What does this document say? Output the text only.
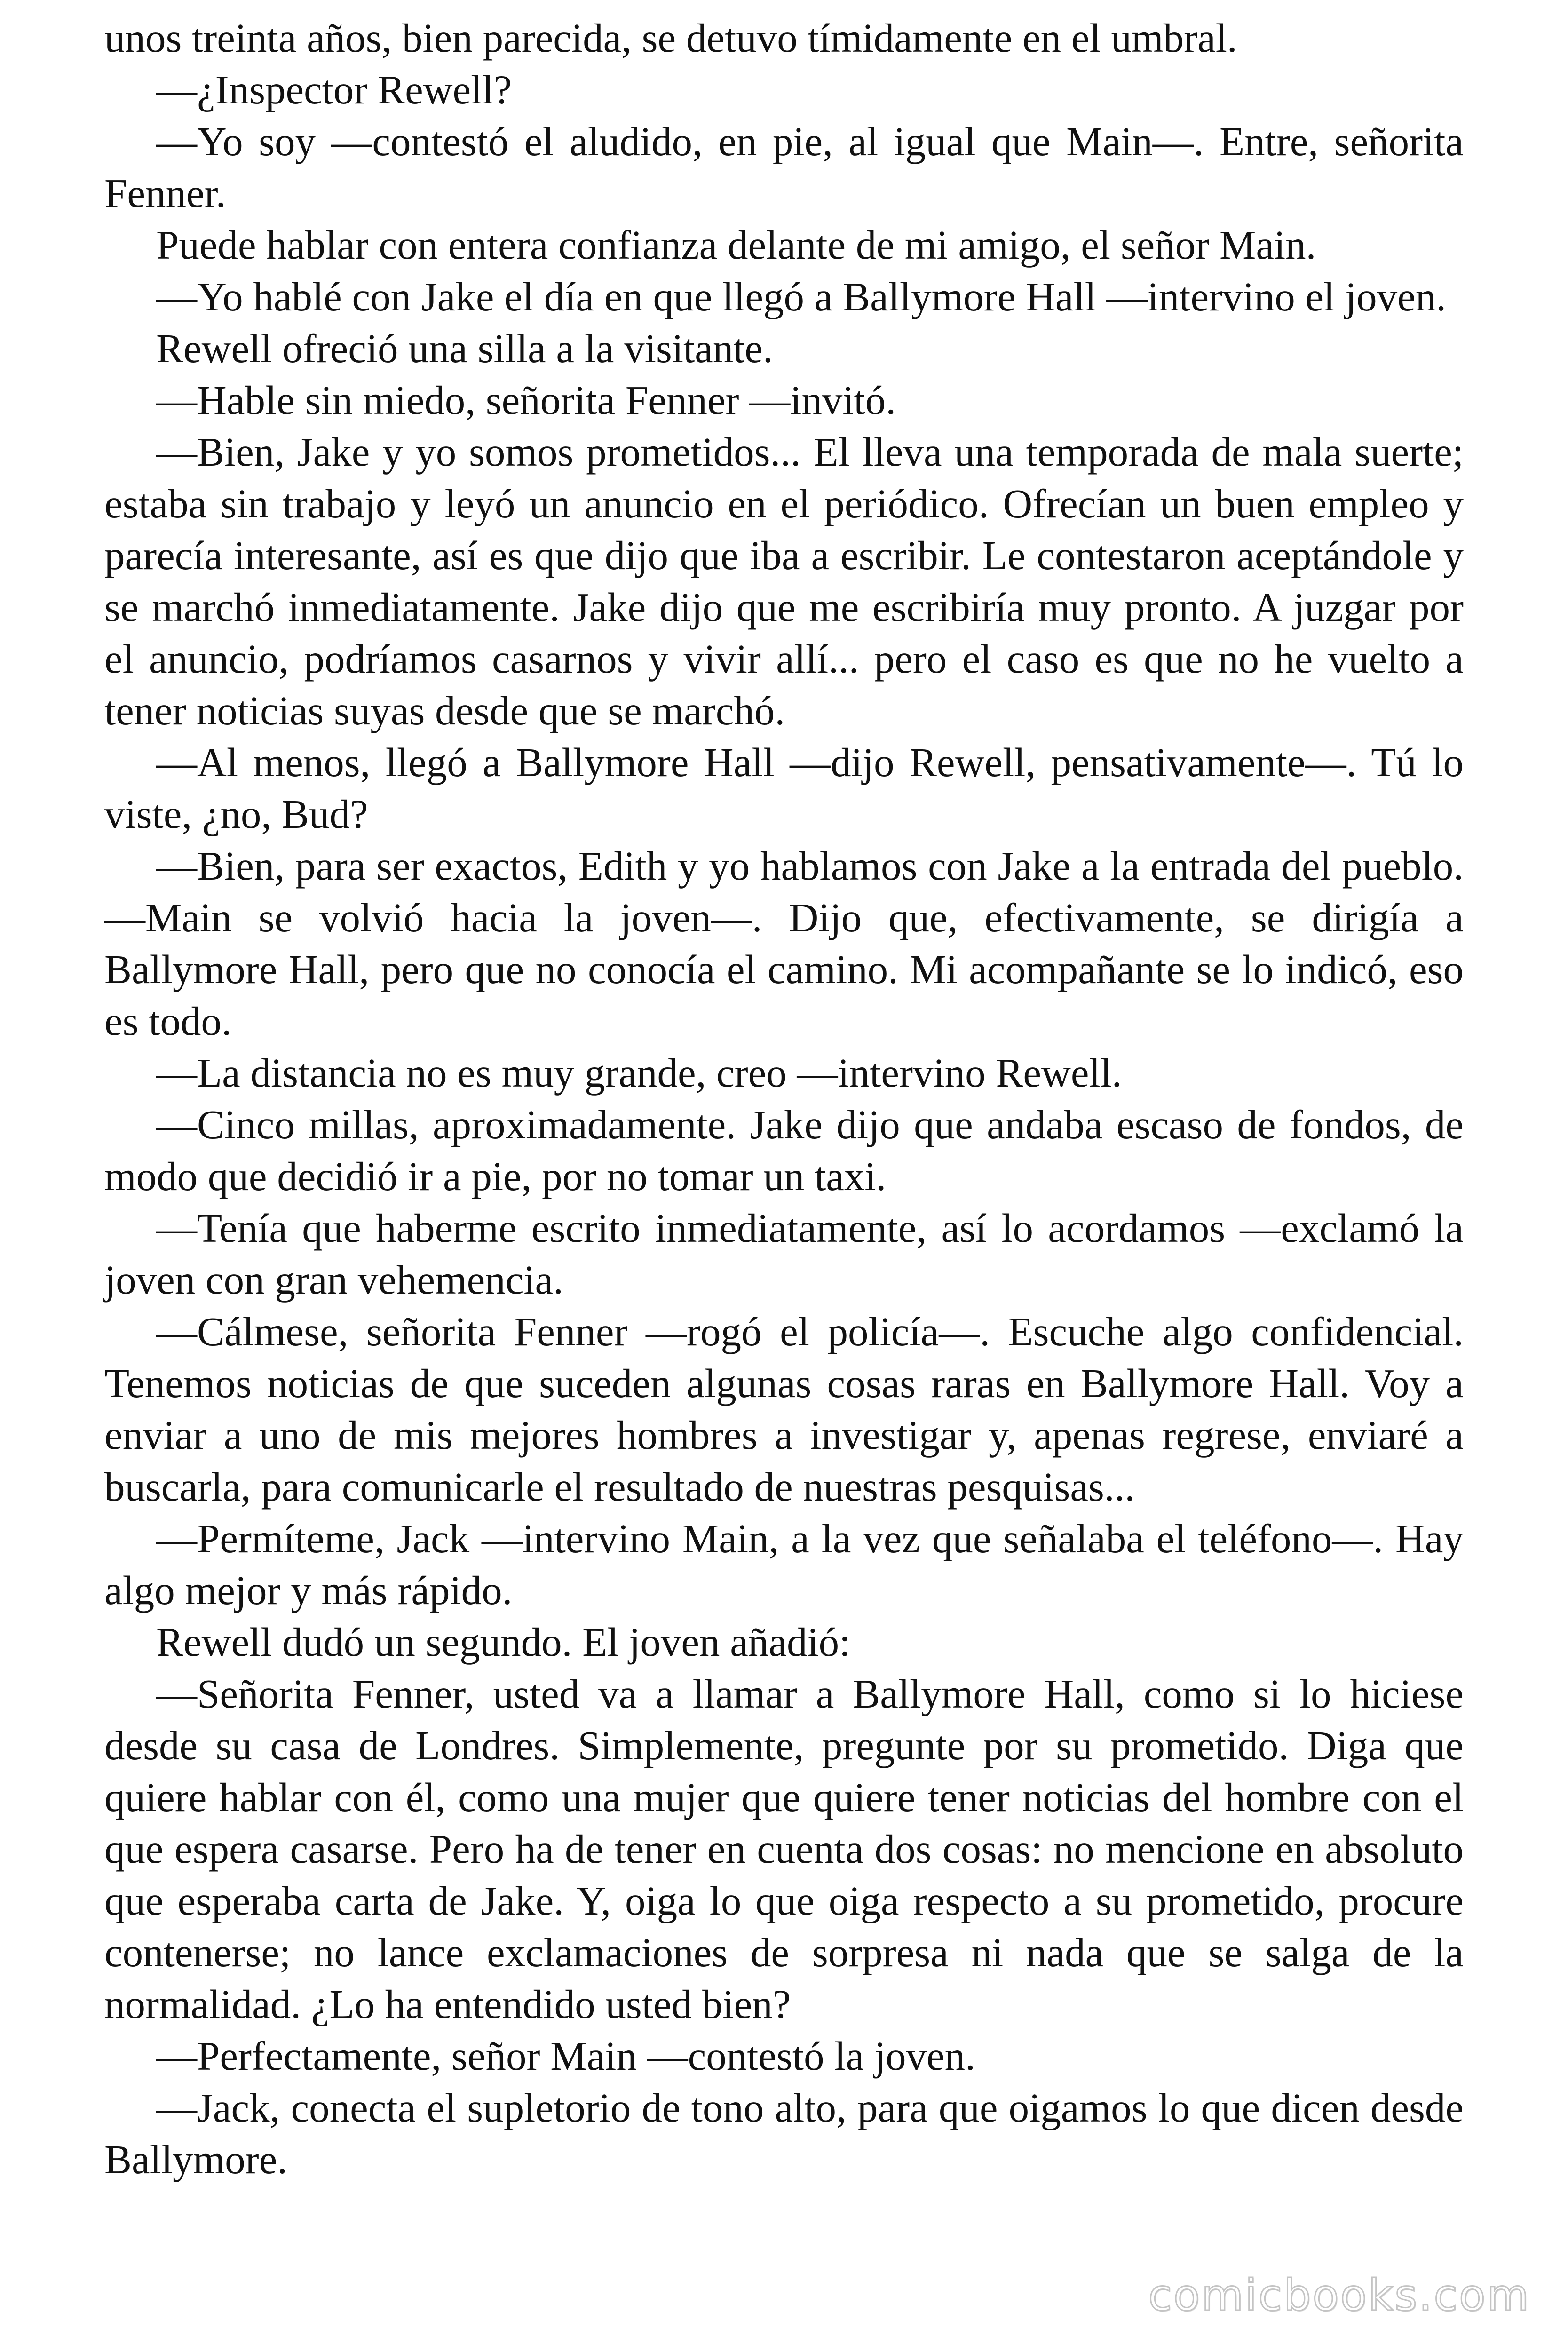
unos treinta años, bien parecida, se detuvo tímidamente en el umbral.

—¿Inspector Rewell?

—Yo soy —contestó el aludido, en pie, al igual que Main—. Entre, señorita Fenner.

Puede hablar con entera confianza delante de mi amigo, el señor Main.

—Yo hablé con Jake el día en que llegó a Ballymore Hall —intervino el joven.

Rewell ofreció una silla a la visitante.

—Hable sin miedo, señorita Fenner —invitó.

—Bien, Jake y yo somos prometidos... El lleva una temporada de mala suerte; estaba sin trabajo y leyó un anuncio en el periódico. Ofrecían un buen empleo y parecía interesante, así es que dijo que iba a escribir. Le contestaron aceptándole y se marchó inmediatamente. Jake dijo que me escribiría muy pronto. A juzgar por el anuncio, podríamos casarnos y vivir allí... pero el caso es que no he vuelto a tener noticias suyas desde que se marchó.

—Al menos, llegó a Ballymore Hall —dijo Rewell, pensativamente—. Tú lo viste, ¿no, Bud?

—Bien, para ser exactos, Edith y yo hablamos con Jake a la entrada del pueblo. —Main se volvió hacia la joven—. Dijo que, efectivamente, se dirigía a Ballymore Hall, pero que no conocía el camino. Mi acompañante se lo indicó, eso es todo.

—La distancia no es muy grande, creo —intervino Rewell.

—Cinco millas, aproximadamente. Jake dijo que andaba escaso de fondos, de modo que decidió ir a pie, por no tomar un taxi.

—Tenía que haberme escrito inmediatamente, así lo acordamos —exclamó la joven con gran vehemencia.

—Cálmese, señorita Fenner —rogó el policía—. Escuche algo confidencial. Tenemos noticias de que suceden algunas cosas raras en Ballymore Hall. Voy a enviar a uno de mis mejores hombres a investigar y, apenas regrese, enviaré a buscarla, para comunicarle el resultado de nuestras pesquisas...

—Permíteme, Jack —intervino Main, a la vez que señalaba el teléfono—. Hay algo mejor y más rápido.

Rewell dudó un segundo. El joven añadió:

—Señorita Fenner, usted va a llamar a Ballymore Hall, como si lo hiciese desde su casa de Londres. Simplemente, pregunte por su prometido. Diga que quiere hablar con él, como una mujer que quiere tener noticias del hombre con el que espera casarse. Pero ha de tener en cuenta dos cosas: no mencione en absoluto que esperaba carta de Jake. Y, oiga lo que oiga respecto a su prometido, procure contenerse; no lance exclamaciones de sorpresa ni nada que se salga de la normalidad. ¿Lo ha entendido usted bien?

—Perfectamente, señor Main —contestó la joven.

—Jack, conecta el supletorio de tono alto, para que oigamos lo que dicen desde Ballymore.

comicbooks.com
